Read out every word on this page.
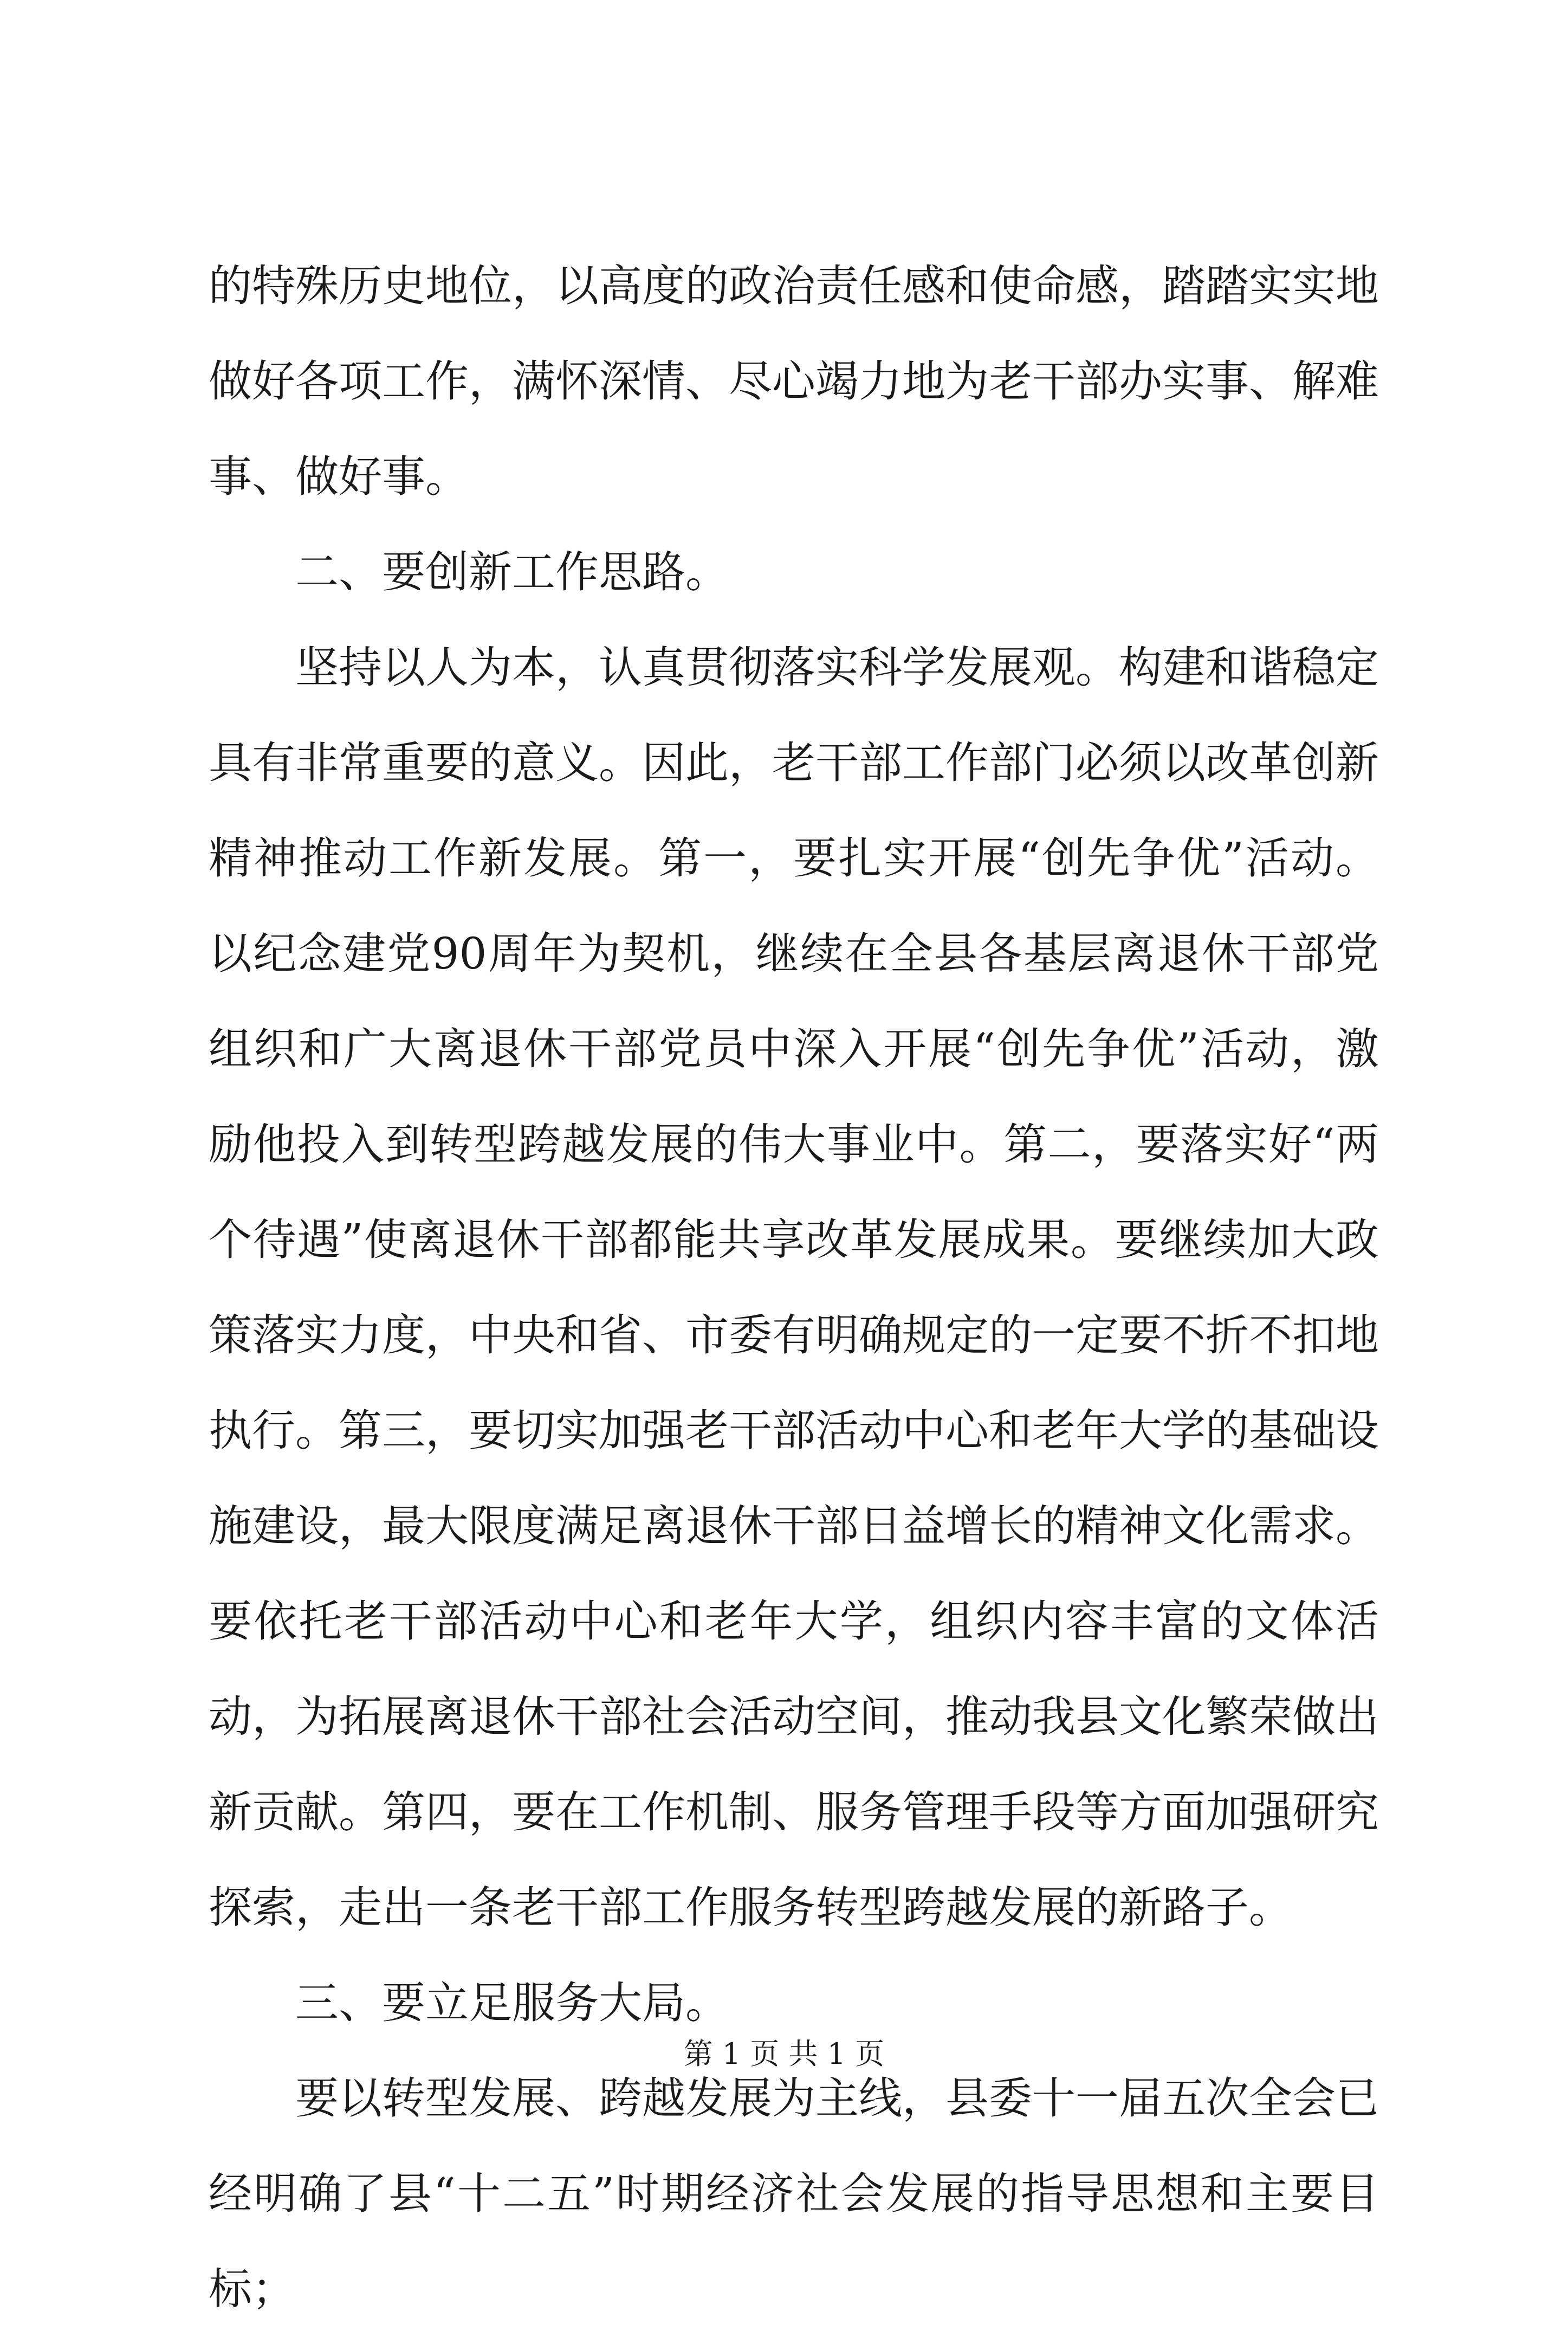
的特殊历史地位，以高度的政治责任感和使命感，踏踏实实地做好各项工作，满怀深情、尽心竭力地为老干部办实事、解难事、做好事。

二、要创新工作思路。

坚持以人为本，认真贯彻落实科学发展观。构建和谐稳定具有非常重要的意义。因此，老干部工作部门必须以改革创新精神推动工作新发展。第一，要扎实开展“创先争优”活动。以纪念建党90周年为契机，继续在全县各基层离退休干部党组织和广大离退休干部党员中深入开展“创先争优”活动，激励他投入到转型跨越发展的伟大事业中。第二，要落实好“两个待遇”使离退休干部都能共享改革发展成果。要继续加大政策落实力度，中央和省、市委有明确规定的一定要不折不扣地执行。第三，要切实加强老干部活动中心和老年大学的基础设施建设，最大限度满足离退休干部日益增长的精神文化需求。要依托老干部活动中心和老年大学，组织内容丰富的文体活动，为拓展离退休干部社会活动空间，推动我县文化繁荣做出新贡献。第四，要在工作机制、服务管理手段等方面加强研究探索，走出一条老干部工作服务转型跨越发展的新路子。

三、要立足服务大局。

要以转型发展、跨越发展为主线，县委十一届五次全会已经明确了县“十二五”时期经济社会发展的指导思想和主要目标；

第 1 页 共 1 页
